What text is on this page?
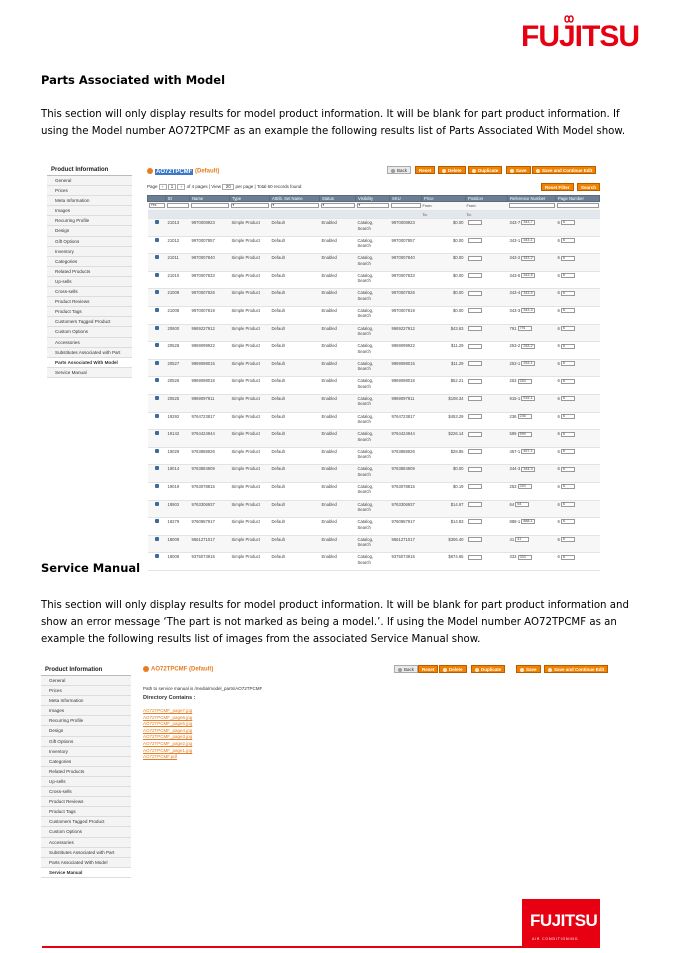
FUJITSU
Parts Associated with Model

This section will only display results for model product information. It will be blank for part product information. If using the Model number AO72TPCMF as an example the following results list of Parts Associated With Model show.

Product Information
General
Prices
Meta Information
Images
Recurring Profile
Design
Gift Options
Inventory
Categories
Related Products
Up-sells
Cross-sells
Product Reviews
Product Tags
Customers Tagged Product
Custom Options
Accessories
Substitutes Associated with Part
Parts Associated With Model
Service Manual
AO72TPCMF (Default)	Back	Reset	Delete	Duplicate	Save	Save and Continue Edit
Page ‹ 1 › of 4 pages | View 20 per page | Total 60 records found	Reset Filter	Search
	ID	Name	Type	Attrib. Set Name	Status	Visibility	SKU	Price	Position	Reference Number	Page Number
Yes			▾	▾	▾	▾		From:	From:		
								To:	To:		
	21013	9970008923	Simple Product	Default	Enabled	Catalog, Search	9970008923	$0.00		343-7 343-7	6 6
	21012	9970007857	Simple Product	Default	Enabled	Catalog, Search	9970007857	$0.00		343-1 343-1	6 6
	21011	9970007840	Simple Product	Default	Enabled	Catalog, Search	9970007840	$0.00		343-2 343-2	6 6
	21010	9970007833	Simple Product	Default	Enabled	Catalog, Search	9970007833	$0.00		343-5 343-5	6 6
	21009	9970007826	Simple Product	Default	Enabled	Catalog, Search	9970007826	$0.00		343-4 343-4	6 6
	21008	9970007819	Simple Product	Default	Enabled	Catalog, Search	9970007819	$0.00		343-3 343-3	6 6
	20600	9969227912	Simple Product	Default	Enabled	Catalog, Search	9969227912	$43.63		791 791	6 6
	20528	9969099922	Simple Product	Default	Enabled	Catalog, Search	9969099922	$11.29		253-2 253-2	6 6
	20527	9969098015	Simple Product	Default	Enabled	Catalog, Search	9969098015	$11.29		253-1 253-1	6 6
	20526	9969098018	Simple Product	Default	Enabled	Catalog, Search	9969098018	$52.21		253 253	6 6
	20525	9969097911	Simple Product	Default	Enabled	Catalog, Search	9969097911	$108.34		915-1 915-1	6 6
	19292	9764723817	Simple Product	Default	Enabled	Catalog, Search	9764723817	$453.29		236 236	6 6
	19142	9764424944	Simple Product	Default	Enabled	Catalog, Search	9764424944	$226.14		599 599	6 6
	19029	9763888926	Simple Product	Default	Enabled	Catalog, Search	9763888926	$28.85		457-1 457-1	6 6
	19014	9763884909	Simple Product	Default	Enabled	Catalog, Search	9763884909	$0.00		344-3 344-3	6 6
	19019	9763078815	Simple Product	Default	Enabled	Catalog, Search	9763078815	$0.19		253 253	6 6
	18902	9763306937	Simple Product	Default	Enabled	Catalog, Search	9763306937	$14.67		64 64	6 6
	18279	9760987917	Simple Product	Default	Enabled	Catalog, Search	9760987917	$14.83		888-1 888-1	6 6
	18009	9661271017	Simple Product	Default	Enabled	Catalog, Search	9661271017	$306.40		41 41	6 6
	18008	9375073915	Simple Product	Default	Enabled	Catalog, Search	9375073915	$674.65		333 333	6 6
Service Manual

This section will only display results for model product information. It will be blank for part product information and show an error message ‘The part is not marked as being a model.’. If using the Model number AO72TPCMF as an example the following results list of images from the associated Service Manual show.

Product Information
General
Prices
Meta Information
Images
Recurring Profile
Design
Gift Options
Inventory
Categories
Related Products
Up-sells
Cross-sells
Product Reviews
Product Tags
Customers Tagged Product
Custom Options
Accessories
Substitutes Associated with Part
Parts Associated With Model
Service Manual
AO72TPCMF (Default)	Back	Reset	Delete	Duplicate	Save	Save and Continue Edit
Path to service manual is /media/model_parts/AO72TPCMF
Directory Contains :
AO72TPCMF_page7.jpg
AO72TPCMF_page6.jpg
AO72TPCMF_page5.jpg
AO72TPCMF_page4.jpg
AO72TPCMF_page3.jpg
AO72TPCMF_page2.jpg
AO72TPCMF_page1.jpg
AO72TPCMF.pdf
FUJITSU
AIR CONDITIONING
